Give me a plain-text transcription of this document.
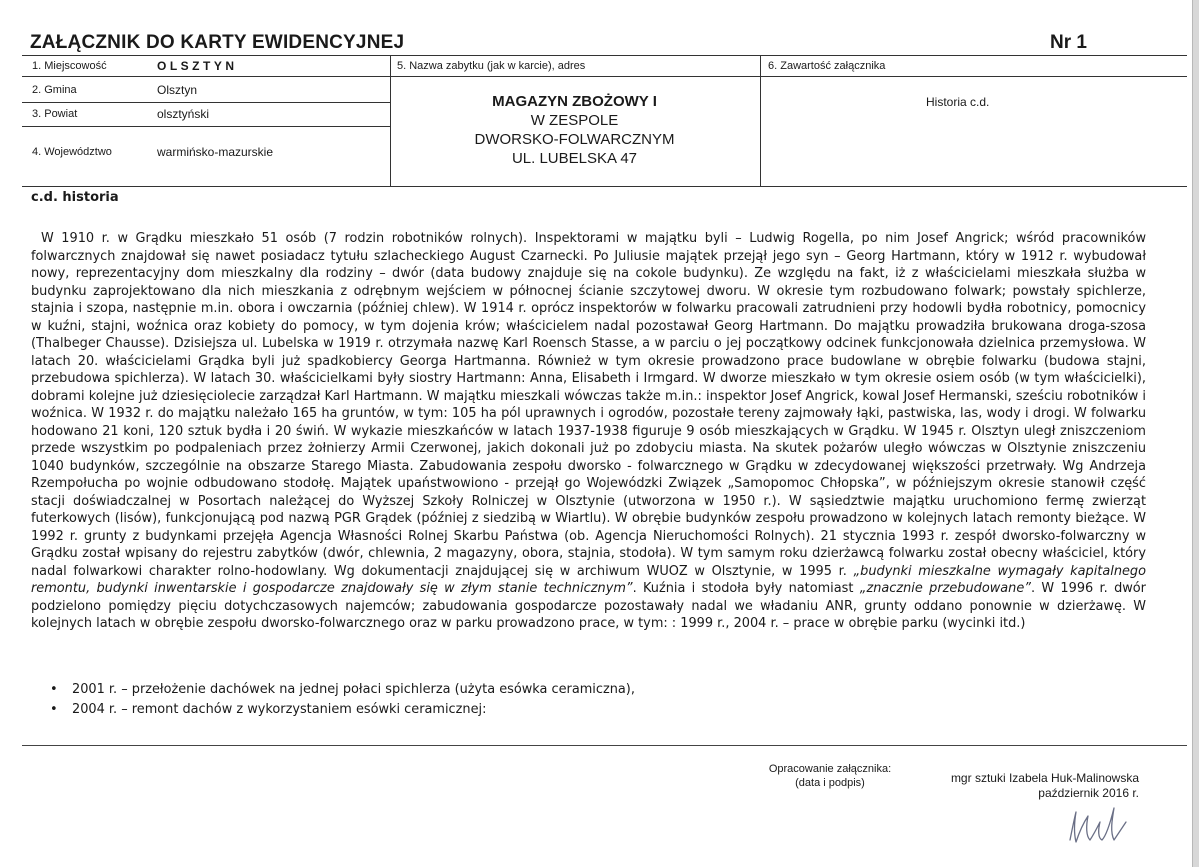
ZAŁĄCZNIK DO KARTY EWIDENCYJNEJ	Nr 1
1. Miejscowość	OLSZTYN
2. Gmina	Olsztyn
3. Powiat	olsztyński
4. Województwo	warmińsko-mazurskie
5. Nazwa zabytku (jak w karcie), adres
MAGAZYN ZBOŻOWY I
W ZESPOLE
DWORSKO-FOLWARCZNYM
UL. LUBELSKA 47
6. Zawartość załącznika
Historia c.d.
c.d. historia

W 1910 r. w Grądku mieszkało 51 osób (7 rodzin robotników rolnych). Inspektorami w majątku byli – Ludwig Rogella, po nim Josef Angrick; wśród pracowników folwarcznych znajdował się nawet posiadacz tytułu szlacheckiego August Czarnecki. Po Juliusie majątek przejął jego syn – Georg Hartmann, który w 1912 r. wybudował nowy, reprezentacyjny dom mieszkalny dla rodziny – dwór (data budowy znajduje się na cokole budynku). Ze względu na fakt, iż z właścicielami mieszkała służba w budynku zaprojektowano dla nich mieszkania z odrębnym wejściem w północnej ścianie szczytowej dworu. W okresie tym rozbudowano folwark; powstały spichlerze, stajnia i szopa, następnie m.in. obora i owczarnia (później chlew). W 1914 r. oprócz inspektorów w folwarku pracowali zatrudnieni przy hodowli bydła robotnicy, pomocnicy w kuźni, stajni, woźnica oraz kobiety do pomocy, w tym dojenia krów; właścicielem nadal pozostawał Georg Hartmann. Do majątku prowadziła brukowana droga-szosa (Thalbeger Chausse). Dzisiejsza ul. Lubelska w 1919 r. otrzymała nazwę Karl Roensch Stasse, a w parciu o jej początkowy odcinek funkcjonowała dzielnica przemysłowa. W latach 20. właścicielami Grądka byli już spadkobiercy Georga Hartmanna. Również w tym okresie prowadzono prace budowlane w obrębie folwarku (budowa stajni, przebudowa spichlerza). W latach 30. właścicielkami były siostry Hartmann: Anna, Elisabeth i Irmgard. W dworze mieszkało w tym okresie osiem osób (w tym właścicielki), dobrami kolejne już dziesięciolecie zarządzał Karl Hartmann. W majątku mieszkali wówczas także m.in.: inspektor Josef Angrick, kowal Josef Hermanski, sześciu robotników i woźnica. W 1932 r. do majątku należało 165 ha gruntów, w tym: 105 ha pól uprawnych i ogrodów, pozostałe tereny zajmowały łąki, pastwiska, las, wody i drogi. W folwarku hodowano 21 koni, 120 sztuk bydła i 20 świń. W wykazie mieszkańców w latach 1937-1938 figuruje 9 osób mieszkających w Grądku. W 1945 r. Olsztyn uległ zniszczeniom przede wszystkim po podpaleniach przez żołnierzy Armii Czerwonej, jakich dokonali już po zdobyciu miasta. Na skutek pożarów uległo wówczas w Olsztynie zniszczeniu 1040 budynków, szczególnie na obszarze Starego Miasta. Zabudowania zespołu dworsko - folwarcznego w Grądku w zdecydowanej większości przetrwały. Wg Andrzeja Rzempołucha po wojnie odbudowano stodołę. Majątek upaństwowiono - przejął go Wojewódzki Związek „Samopomoc Chłopska”, w późniejszym okresie stanowił część stacji doświadczalnej w Posortach należącej do Wyższej Szkoły Rolniczej w Olsztynie (utworzona w 1950 r.). W sąsiedztwie majątku uruchomiono fermę zwierząt futerkowych (lisów), funkcjonującą pod nazwą PGR Grądek (później z siedzibą w Wiartlu). W obrębie budynków zespołu prowadzono w kolejnych latach remonty bieżące. W 1992 r. grunty z budynkami przejęła Agencja Własności Rolnej Skarbu Państwa (ob. Agencja Nieruchomości Rolnych). 21 stycznia 1993 r. zespół dworsko-folwarczny w Grądku został wpisany do rejestru zabytków (dwór, chlewnia, 2 magazyny, obora, stajnia, stodoła). W tym samym roku dzierżawcą folwarku został obecny właściciel, który nadal folwarkowi charakter rolno-hodowlany. Wg dokumentacji znajdującej się w archiwum WUOZ w Olsztynie, w 1995 r. „budynki mieszkalne wymagały kapitalnego remontu, budynki inwentarskie i gospodarcze znajdowały się w złym stanie technicznym”. Kuźnia i stodoła były natomiast „znacznie przebudowane”. W 1996 r. dwór podzielono pomiędzy pięciu dotychczasowych najemców; zabudowania gospodarcze pozostawały nadal we władaniu ANR, grunty oddano ponownie w dzierżawę. W kolejnych latach w obrębie zespołu dworsko-folwarcznego oraz w parku prowadzono prace, w tym: : 1999 r., 2004 r. – prace w obrębie parku (wycinki itd.)

• 2001 r. – przełożenie dachówek na jednej połaci spichlerza (użyta esówka ceramiczna),
• 2004 r. – remont dachów z wykorzystaniem esówki ceramicznej:
Opracowanie załącznika:
(data i podpis)	mgr sztuki Izabela Huk-Malinowska
październik 2016 r.
